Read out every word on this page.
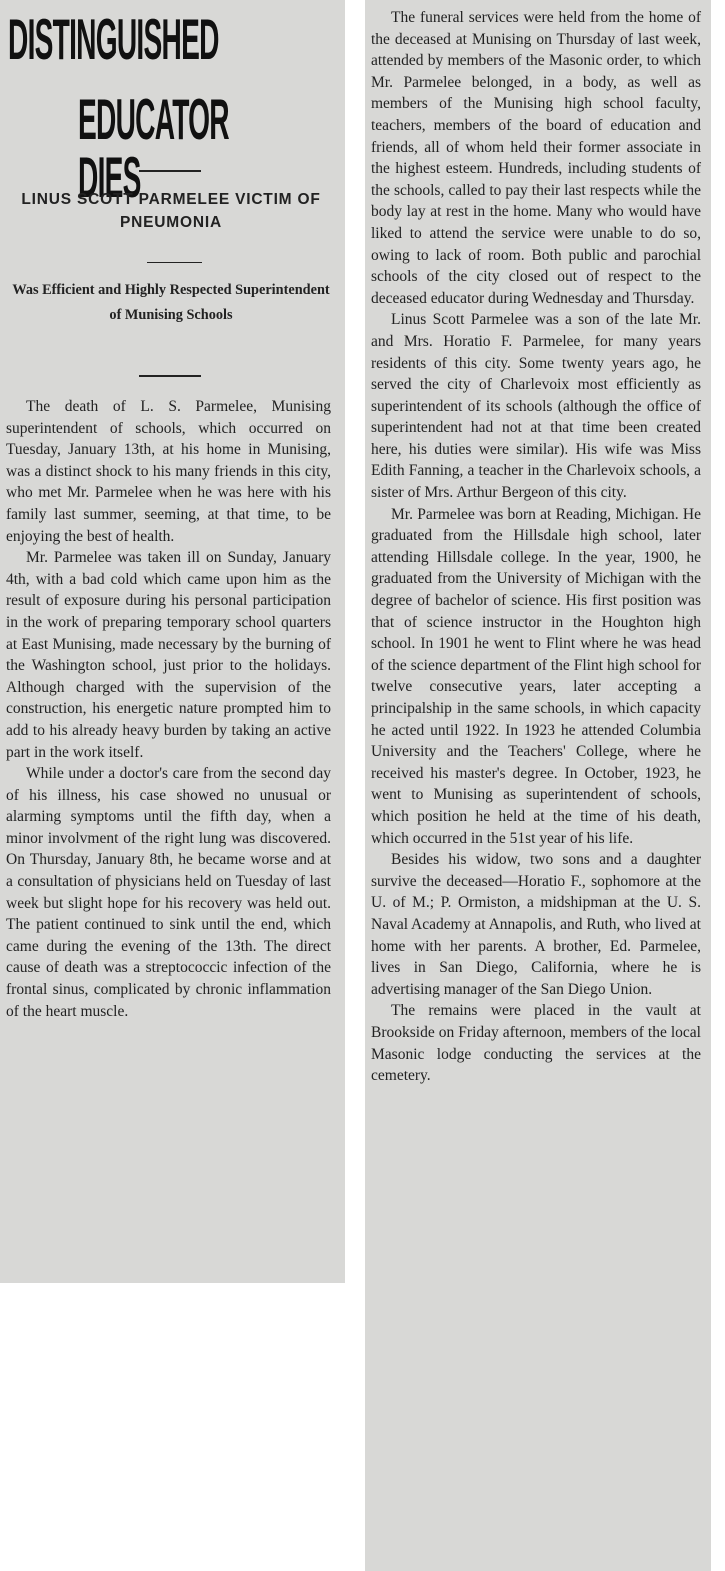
DISTINGUISHED
EDUCATOR DIES
LINUS SCOTT PARMELEE VICTIM OF PNEUMONIA
Was Efficient and Highly Respected Superintendent of Munising Schools

The death of L. S. Parmelee, Munising superintendent of schools, which occurred on Tuesday, January 13th, at his home in Munising, was a distinct shock to his many friends in this city, who met Mr. Parmelee when he was here with his family last summer, seeming, at that time, to be enjoying the best of health.

Mr. Parmelee was taken ill on Sunday, January 4th, with a bad cold which came upon him as the result of exposure during his personal participation in the work of preparing temporary school quarters at East Munising, made necessary by the burning of the Washington school, just prior to the holidays. Although charged with the supervision of the construction, his energetic nature prompted him to add to his already heavy burden by taking an active part in the work itself.

While under a doctor's care from the second day of his illness, his case showed no unusual or alarming symptoms until the fifth day, when a minor involvment of the right lung was discovered. On Thursday, January 8th, he became worse and at a consultation of physicians held on Tuesday of last week but slight hope for his recovery was held out. The patient continued to sink until the end, which came during the evening of the 13th. The direct cause of death was a streptococcic infection of the frontal sinus, complicated by chronic inflammation of the heart muscle.

The funeral services were held from the home of the deceased at Munising on Thursday of last week, attended by members of the Masonic order, to which Mr. Parmelee belonged, in a body, as well as members of the Munising high school faculty, teachers, members of the board of education and friends, all of whom held their former associate in the highest esteem. Hundreds, including students of the schools, called to pay their last respects while the body lay at rest in the home. Many who would have liked to attend the service were unable to do so, owing to lack of room. Both public and parochial schools of the city closed out of respect to the deceased educator during Wednesday and Thursday.

Linus Scott Parmelee was a son of the late Mr. and Mrs. Horatio F. Parmelee, for many years residents of this city. Some twenty years ago, he served the city of Charlevoix most efficiently as superintendent of its schools (although the office of superintendent had not at that time been created here, his duties were similar). His wife was Miss Edith Fanning, a teacher in the Charlevoix schools, a sister of Mrs. Arthur Bergeon of this city.

Mr. Parmelee was born at Reading, Michigan. He graduated from the Hillsdale high school, later attending Hillsdale college. In the year, 1900, he graduated from the University of Michigan with the degree of bachelor of science. His first position was that of science instructor in the Houghton high school. In 1901 he went to Flint where he was head of the science department of the Flint high school for twelve consecutive years, later accepting a principalship in the same schools, in which capacity he acted until 1922. In 1923 he attended Columbia University and the Teachers' College, where he received his master's degree. In October, 1923, he went to Munising as superintendent of schools, which position he held at the time of his death, which occurred in the 51st year of his life.

Besides his widow, two sons and a daughter survive the deceased—Horatio F., sophomore at the U. of M.; P. Ormiston, a midshipman at the U. S. Naval Academy at Annapolis, and Ruth, who lived at home with her parents. A brother, Ed. Parmelee, lives in San Diego, California, where he is advertising manager of the San Diego Union.

The remains were placed in the vault at Brookside on Friday afternoon, members of the local Masonic lodge conducting the services at the cemetery.
